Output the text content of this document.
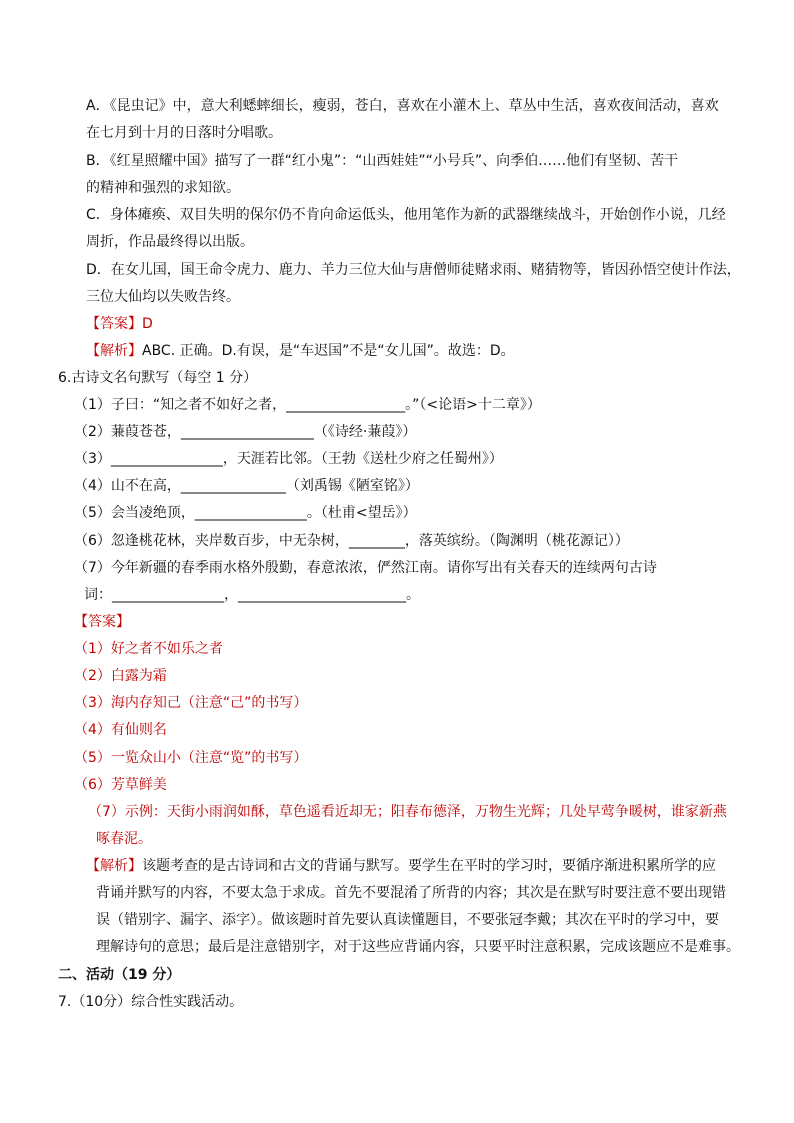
A．《昆虫记》中，意大利蟋蟀细长，瘦弱，苍白，喜欢在小灌木上、草丛中生活，喜欢夜间活动，喜欢
在七月到十月的日落时分唱歌。
B．《红星照耀中国》描写了一群“红小鬼”：“山西娃娃”“小号兵”、向季伯……他们有坚韧、苦干
的精神和强烈的求知欲。
C．身体瘫痪、双目失明的保尔仍不肯向命运低头，他用笔作为新的武器继续战斗，开始创作小说，几经
周折，作品最终得以出版。
D．在女儿国，国王命令虎力、鹿力、羊力三位大仙与唐僧师徒赌求雨、赌猜物等，皆因孙悟空使计作法，
三位大仙均以失败告终。
【答案】D
【解析】ABC. 正确。D.有误，是“车迟国”不是“女儿国”。故选：D。
6.古诗文名句默写（每空 1 分）
（1）子曰：“知之者不如好之者，_________________。”（<论语>十二章》）
（2）蒹葭苍苍，___________________（《诗经·蒹葭》）
（3）________________，天涯若比邻。（王勃《送杜少府之任蜀州》）
（4）山不在高，_______________（刘禹锡《陋室铭》）
（5）会当凌绝顶，________________。（杜甫<望岳》）
（6）忽逢桃花林，夹岸数百步，中无杂树，________，落英缤纷。（陶渊明（桃花源记））
（7）今年新疆的春季雨水格外殷勤，春意浓浓，俨然江南。请你写出有关春天的连续两句古诗
词：________________，________________________。
【答案】
（1）好之者不如乐之者
（2）白露为霜
（3）海内存知己（注意“己”的书写）
（4）有仙则名
（5）一览众山小（注意“览”的书写）
（6）芳草鲜美
（7）示例：天街小雨润如酥，草色遥看近却无；阳春布德泽，万物生光辉；几处早莺争暖树，谁家新燕
啄春泥。
【解析】该题考查的是古诗词和古文的背诵与默写。要学生在平时的学习时，要循序渐进积累所学的应
背诵并默写的内容，不要太急于求成。首先不要混淆了所背的内容；其次是在默写时要注意不要出现错
误（错别字、漏字、添字）。做该题时首先要认真读懂题目，不要张冠李戴；其次在平时的学习中，要
理解诗句的意思；最后是注意错别字，对于这些应背诵内容，只要平时注意积累，完成该题应不是难事。
二、活动（19 分）
7.（10分）综合性实践活动。
